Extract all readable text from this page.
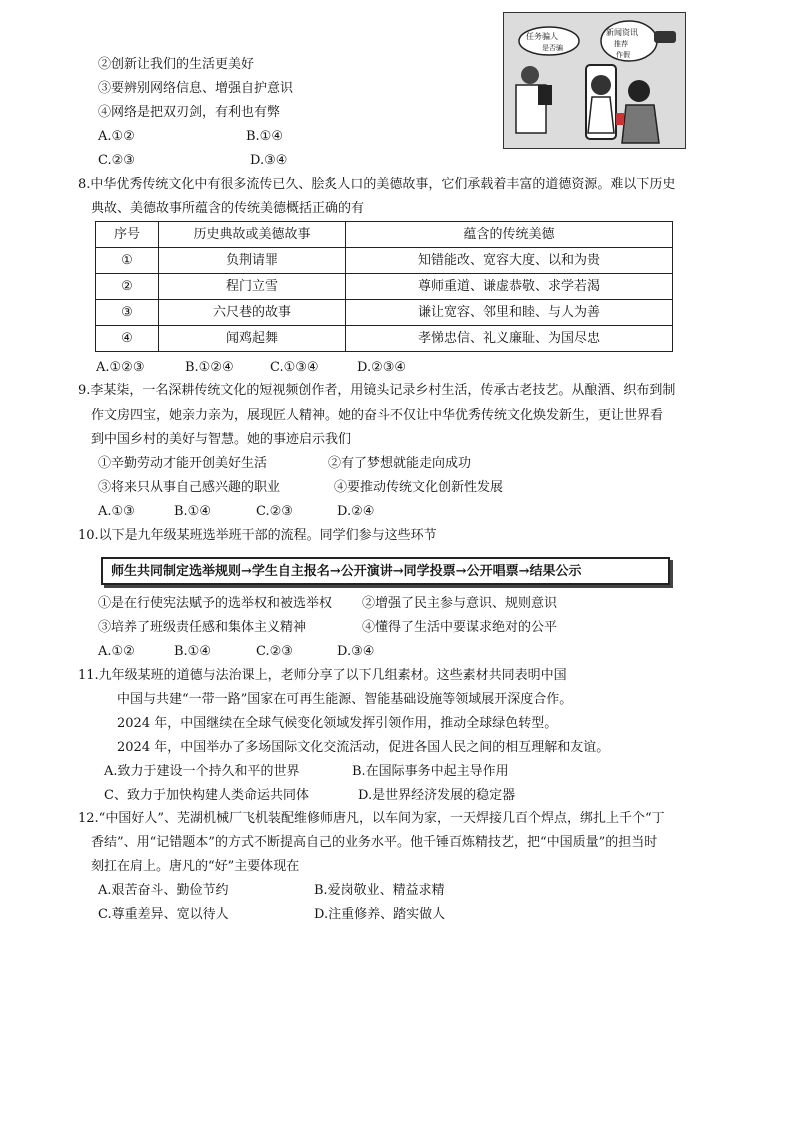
②创新让我们的生活更美好
③要辨别网络信息、增强自护意识
④网络是把双刃剑，有利也有弊
A.①②	B.①④
C.②③	D.③④
任务骗人
是否骗
新闻资讯
推荐
作假
8.中华优秀传统文化中有很多流传已久、脍炙人口的美德故事，它们承载着丰富的道德资源。难以下历史
典故、美德故事所蕴含的传统美德概括正确的有
序号	历史典故或美德故事	蕴含的传统美德
①	负荆请罪	知错能改、宽容大度、以和为贵
②	程门立雪	尊师重道、谦虚恭敬、求学若渴
③	六尺巷的故事	谦让宽容、邻里和睦、与人为善
④	闻鸡起舞	孝悌忠信、礼义廉耻、为国尽忠
A.①②③	B.①②④	C.①③④	D.②③④
9.李某柒，一名深耕传统文化的短视频创作者，用镜头记录乡村生活，传承古老技艺。从酿酒、织布到制
作文房四宝，她亲力亲为，展现匠人精神。她的奋斗不仅让中华优秀传统文化焕发新生，更让世界看
到中国乡村的美好与智慧。她的事迹启示我们
①辛勤劳动才能开创美好生活	②有了梦想就能走向成功
③将来只从事自己感兴趣的职业	④要推动传统文化创新性发展
A.①③	B.①④	C.②③	D.②④
10.以下是九年级某班选举班干部的流程。同学们参与这些环节
师生共同制定选举规则→学生自主报名→公开演讲→同学投票→公开唱票→结果公示
①是在行使宪法赋予的选举权和被选举权 ②增强了民主参与意识、规则意识
③培养了班级责任感和集体主义精神	④懂得了生活中要谋求绝对的公平
A.①②	B.①④	C.②③	D.③④
11.九年级某班的道德与法治课上，老师分享了以下几组素材。这些素材共同表明中国
中国与共建“一带一路”国家在可再生能源、智能基础设施等领域展开深度合作。
2024 年，中国继续在全球气候变化领域发挥引领作用，推动全球绿色转型。
2024 年，中国举办了多场国际文化交流活动，促进各国人民之间的相互理解和友谊。
A.致力于建设一个持久和平的世界	B.在国际事务中起主导作用
C、致力于加快构建人类命运共同体	D.是世界经济发展的稳定器
12.“中国好人”、芜湖机械厂飞机装配维修师唐凡，以车间为家，一天焊接几百个焊点，绑扎上千个“丁
香结”、用“记错题本”的方式不断提高自己的业务水平。他千锤百炼精技艺，把“中国质量”的担当时
刻扛在肩上。唐凡的“好”主要体现在
A.艰苦奋斗、勤俭节约	B.爱岗敬业、精益求精
C.尊重差异、宽以待人	D.注重修养、踏实做人
